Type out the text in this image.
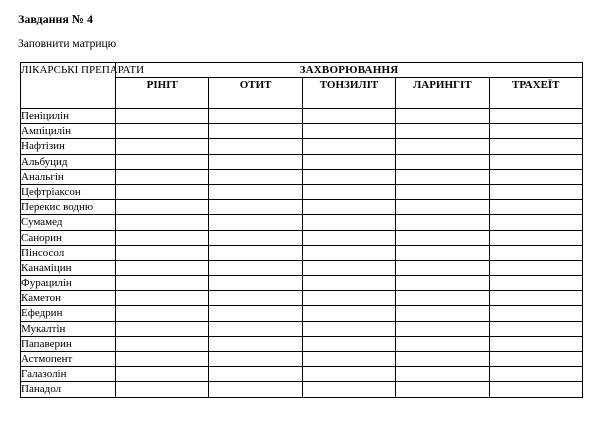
Завдання № 4
Заповнити матрицю
ЛІКАРСЬКІ ПРЕПАРАТИ	ЗАХВОРЮВАННЯ				
	РІНІТ	ОТИТ	ТОНЗИЛІТ	ЛАРИНГІТ	ТРАХЕЇТ
Пеніцилін					
Ампіцилін					
Нафтізин					
Альбуцид					
Анальгін					
Цефтріаксон					
Перекис водню					
Сумамед					
Санорин					
Пінсосол					
Канаміцин					
Фурацилін					
Каметон					
Ефедрин					
Мукалтін					
Папаверин					
Астмопент					
Галазолін					
Панадол					
